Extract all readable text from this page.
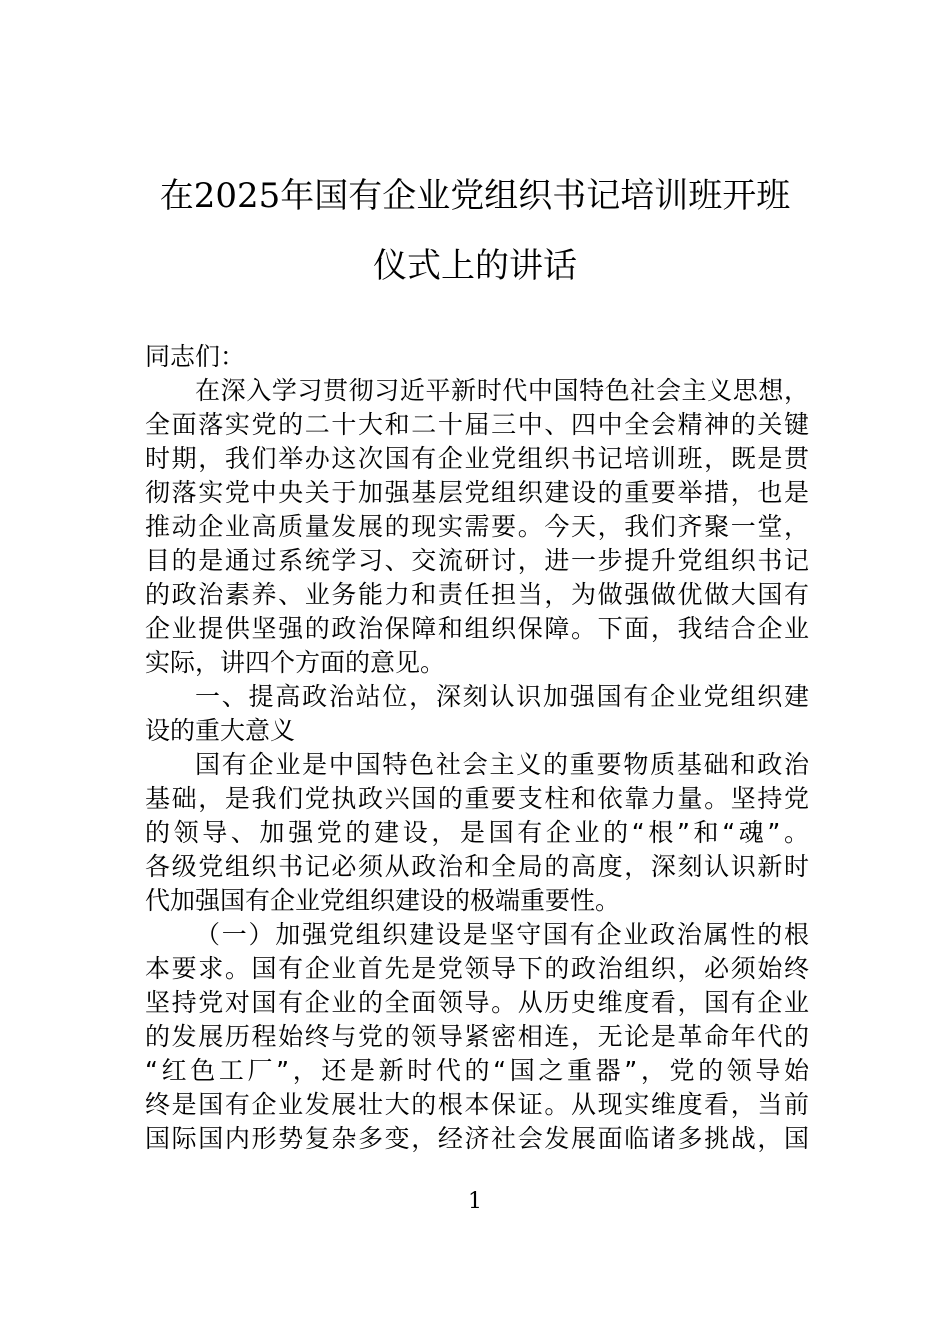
在2025年国有企业党组织书记培训班开班
仪式上的讲话
同志们：
在深入学习贯彻习近平新时代中国特色社会主义思想，
全面落实党的二十大和二十届三中、四中全会精神的关键
时期，我们举办这次国有企业党组织书记培训班，既是贯
彻落实党中央关于加强基层党组织建设的重要举措，也是
推动企业高质量发展的现实需要。今天，我们齐聚一堂，
目的是通过系统学习、交流研讨，进一步提升党组织书记
的政治素养、业务能力和责任担当，为做强做优做大国有
企业提供坚强的政治保障和组织保障。下面，我结合企业
实际，讲四个方面的意见。
一、提高政治站位，深刻认识加强国有企业党组织建
设的重大意义
国有企业是中国特色社会主义的重要物质基础和政治
基础，是我们党执政兴国的重要支柱和依靠力量。坚持党
的领导、加强党的建设，是国有企业的“根”和“魂”。
各级党组织书记必须从政治和全局的高度，深刻认识新时
代加强国有企业党组织建设的极端重要性。
（一）加强党组织建设是坚守国有企业政治属性的根
本要求。国有企业首先是党领导下的政治组织，必须始终
坚持党对国有企业的全面领导。从历史维度看，国有企业
的发展历程始终与党的领导紧密相连，无论是革命年代的
“红色工厂”，还是新时代的“国之重器”，党的领导始
终是国有企业发展壮大的根本保证。从现实维度看，当前
国际国内形势复杂多变，经济社会发展面临诸多挑战，国
1
